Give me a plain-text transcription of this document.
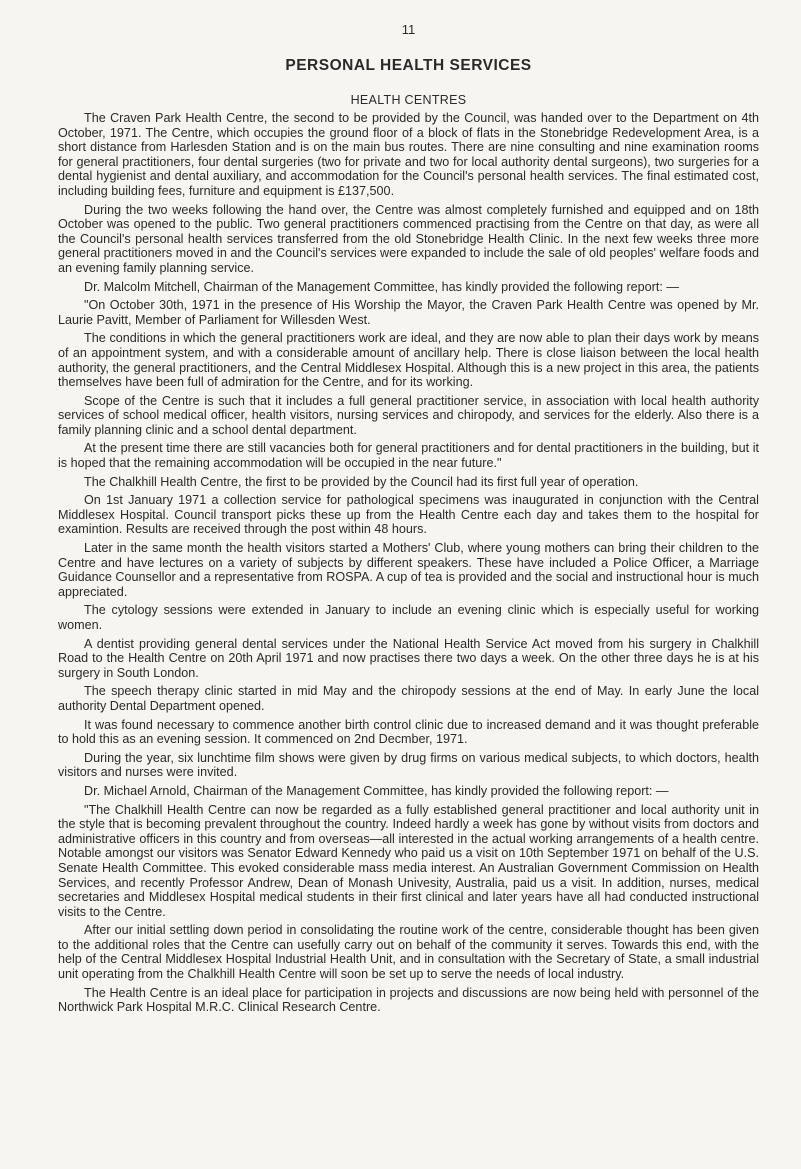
11
PERSONAL HEALTH SERVICES
HEALTH CENTRES

The Craven Park Health Centre, the second to be provided by the Council, was handed over to the Department on 4th October, 1971. The Centre, which occupies the ground floor of a block of flats in the Stonebridge Redevelopment Area, is a short distance from Harlesden Station and is on the main bus routes. There are nine consulting and nine examination rooms for general practitioners, four dental surgeries (two for private and two for local authority dental surgeons), two surgeries for a dental hygienist and dental auxiliary, and accommodation for the Council's personal health services. The final estimated cost, including building fees, furniture and equipment is £137,500.

During the two weeks following the hand over, the Centre was almost completely furnished and equipped and on 18th October was opened to the public. Two general practitioners commenced practising from the Centre on that day, as were all the Council's personal health services transferred from the old Stonebridge Health Clinic. In the next few weeks three more general practitioners moved in and the Council's services were expanded to include the sale of old peoples' welfare foods and an evening family planning service.

Dr. Malcolm Mitchell, Chairman of the Management Committee, has kindly provided the following report: —

"On October 30th, 1971 in the presence of His Worship the Mayor, the Craven Park Health Centre was opened by Mr. Laurie Pavitt, Member of Parliament for Willesden West.

The conditions in which the general practitioners work are ideal, and they are now able to plan their days work by means of an appointment system, and with a considerable amount of ancillary help. There is close liaison between the local health authority, the general practitioners, and the Central Middlesex Hospital. Although this is a new project in this area, the patients themselves have been full of admiration for the Centre, and for its working.

Scope of the Centre is such that it includes a full general practitioner service, in association with local health authority services of school medical officer, health visitors, nursing services and chiropody, and services for the elderly. Also there is a family planning clinic and a school dental department.

At the present time there are still vacancies both for general practitioners and for dental practitioners in the building, but it is hoped that the remaining accommodation will be occupied in the near future."

The Chalkhill Health Centre, the first to be provided by the Council had its first full year of operation.

On 1st January 1971 a collection service for pathological specimens was inaugurated in conjunction with the Central Middlesex Hospital. Council transport picks these up from the Health Centre each day and takes them to the hospital for examintion. Results are received through the post within 48 hours.

Later in the same month the health visitors started a Mothers' Club, where young mothers can bring their children to the Centre and have lectures on a variety of subjects by different speakers. These have included a Police Officer, a Marriage Guidance Counsellor and a representative from ROSPA. A cup of tea is provided and the social and instructional hour is much appreciated.

The cytology sessions were extended in January to include an evening clinic which is especially useful for working women.

A dentist providing general dental services under the National Health Service Act moved from his surgery in Chalkhill Road to the Health Centre on 20th April 1971 and now practises there two days a week. On the other three days he is at his surgery in South London.

The speech therapy clinic started in mid May and the chiropody sessions at the end of May. In early June the local authority Dental Department opened.

It was found necessary to commence another birth control clinic due to increased demand and it was thought preferable to hold this as an evening session. It commenced on 2nd Decmber, 1971.

During the year, six lunchtime film shows were given by drug firms on various medical subjects, to which doctors, health visitors and nurses were invited.

Dr. Michael Arnold, Chairman of the Management Committee, has kindly provided the following report: —

"The Chalkhill Health Centre can now be regarded as a fully established general practitioner and local authority unit in the style that is becoming prevalent throughout the country. Indeed hardly a week has gone by without visits from doctors and administrative officers in this country and from overseas—all interested in the actual working arrangements of a health centre. Notable amongst our visitors was Senator Edward Kennedy who paid us a visit on 10th September 1971 on behalf of the U.S. Senate Health Committee. This evoked considerable mass media interest. An Australian Government Commission on Health Services, and recently Professor Andrew, Dean of Monash Univesity, Australia, paid us a visit. In addition, nurses, medical secretaries and Middlesex Hospital medical students in their first clinical and later years have all had conducted instructional visits to the Centre.

After our initial settling down period in consolidating the routine work of the centre, considerable thought has been given to the additional roles that the Centre can usefully carry out on behalf of the community it serves. Towards this end, with the help of the Central Middlesex Hospital Industrial Health Unit, and in consultation with the Secretary of State, a small industrial unit operating from the Chalkhill Health Centre will soon be set up to serve the needs of local industry.

The Health Centre is an ideal place for participation in projects and discussions are now being held with personnel of the Northwick Park Hospital M.R.C. Clinical Research Centre.
